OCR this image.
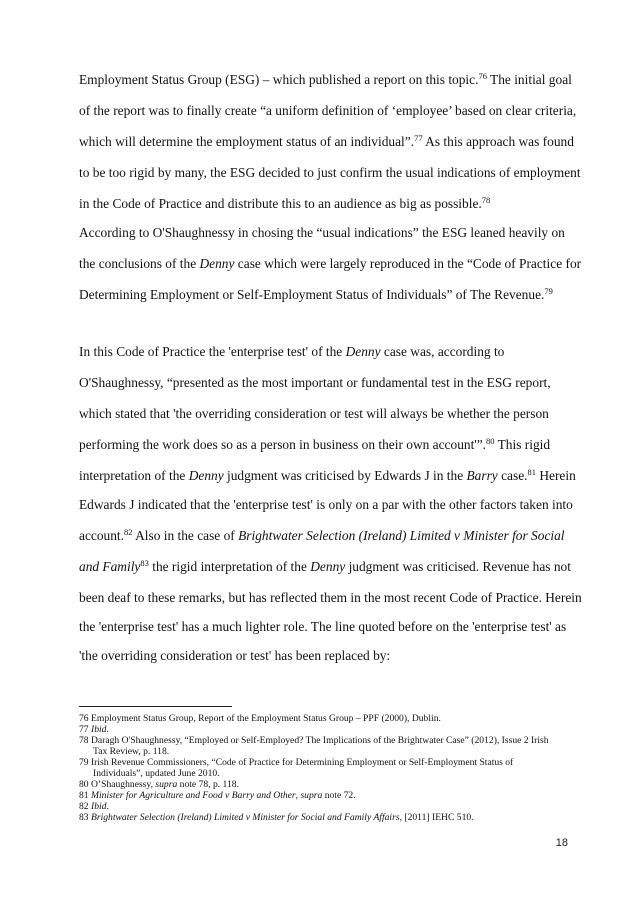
Employment Status Group (ESG) – which published a report on this topic.$^{76}$ The initial goal
of the report was to finally create “a uniform definition of ‘employee’ based on clear criteria,
which will determine the employment status of an individual”.$^{77}$ As this approach was found
to be too rigid by many, the ESG decided to just confirm the usual indications of employment
in the Code of Practice and distribute this to an audience as big as possible.$^{78}$
According to O'Shaughnessy in chosing the “usual indications” the ESG leaned heavily on
the conclusions of the Denny case which were largely reproduced in the “Code of Practice for
Determining Employment or Self-Employment Status of Individuals” of The Revenue.$^{79}$
In this Code of Practice the 'enterprise test' of the Denny case was, according to
O'Shaughnessy, “presented as the most important or fundamental test in the ESG report,
which stated that 'the overriding consideration or test will always be whether the person
performing the work does so as a person in business on their own account'”.$^{80}$ This rigid
interpretation of the Denny judgment was criticised by Edwards J in the Barry case.$^{81}$ Herein
Edwards J indicated that the 'enterprise test' is only on a par with the other factors taken into
account.$^{82}$ Also in the case of Brightwater Selection (Ireland) Limited v Minister for Social
and Family$^{83}$ the rigid interpretation of the Denny judgment was criticised. Revenue has not
been deaf to these remarks, but has reflected them in the most recent Code of Practice. Herein
the 'enterprise test' has a much lighter role. The line quoted before on the 'enterprise test' as
'the overriding consideration or test' has been replaced by:
76 Employment Status Group, Report of the Employment Status Group – PPF (2000), Dublin.
77 Ibid.
78 Daragh O'Shaughnessy, “Employed or Self-Employed? The Implications of the Brightwater Case” (2012), Issue 2 Irish
Tax Review, p. 118.
79 Irish Revenue Commissioners, “Code of Practice for Determining Employment or Self-Employment Status of
Individuals”, updated June 2010.
80 O’Shaughnessy, supra note 78, p. 118.
81 Minister for Agriculture and Food v Barry and Other, supra note 72.
82 Ibid.
83 Brightwater Selection (Ireland) Limited v Minister for Social and Family Affairs, [2011] IEHC 510.
18
